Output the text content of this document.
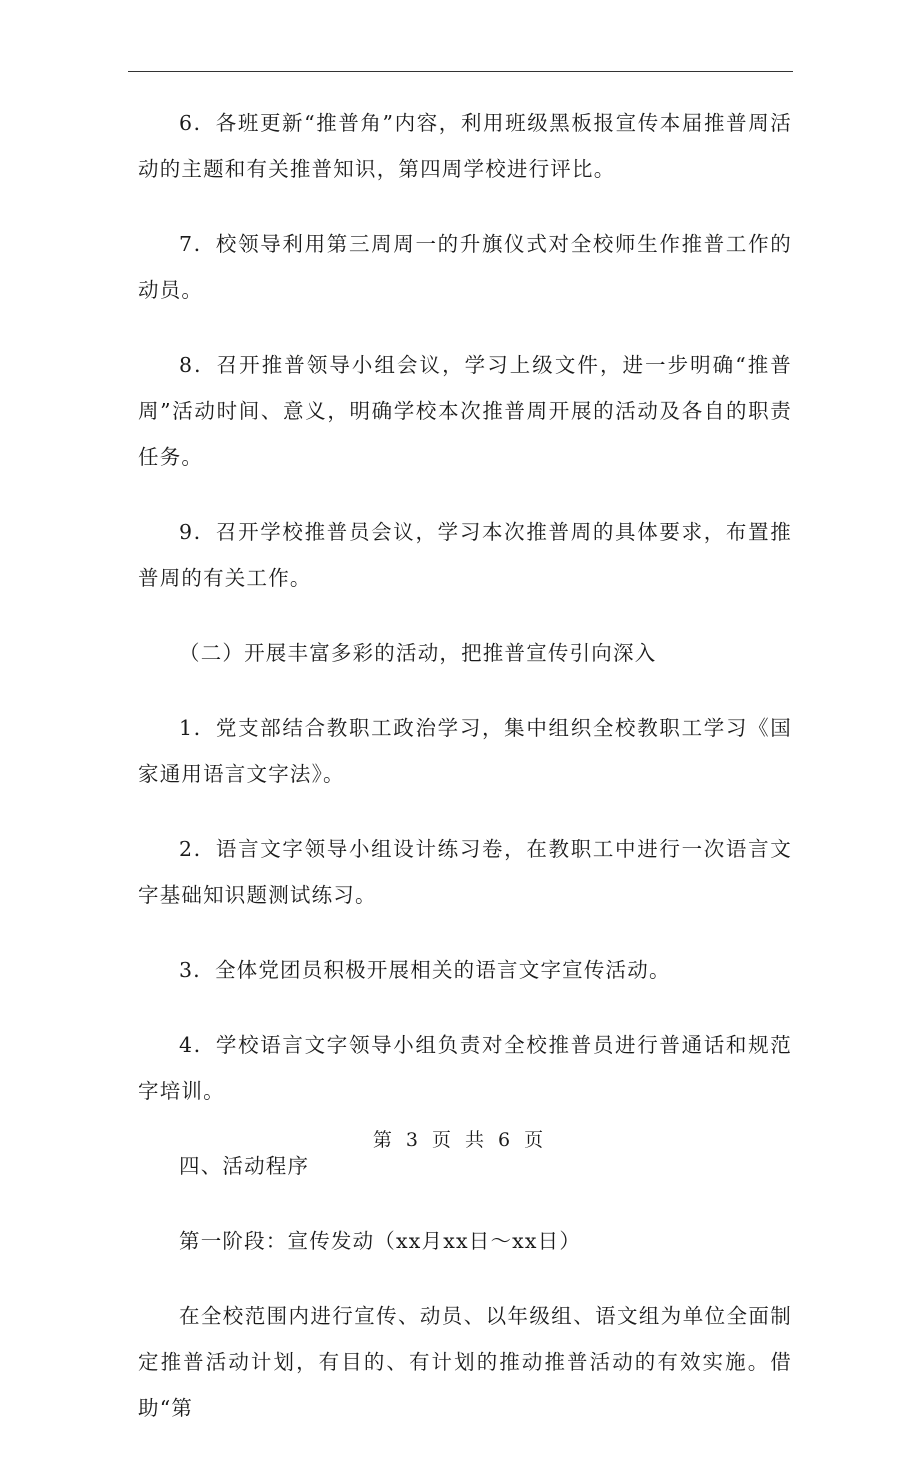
6．各班更新“推普角”内容，利用班级黑板报宣传本届推普周活动的主题和有关推普知识，第四周学校进行评比。

7．校领导利用第三周周一的升旗仪式对全校师生作推普工作的动员。

8．召开推普领导小组会议，学习上级文件，进一步明确“推普周”活动时间、意义，明确学校本次推普周开展的活动及各自的职责任务。

9．召开学校推普员会议，学习本次推普周的具体要求，布置推普周的有关工作。

（二）开展丰富多彩的活动，把推普宣传引向深入

1．党支部结合教职工政治学习，集中组织全校教职工学习《国家通用语言文字法》。

2．语言文字领导小组设计练习卷，在教职工中进行一次语言文字基础知识题测试练习。

3．全体党团员积极开展相关的语言文字宣传活动。

4．学校语言文字领导小组负责对全校推普员进行普通话和规范字培训。

四、活动程序

第一阶段：宣传发动（xx月xx日～xx日）

在全校范围内进行宣传、动员、以年级组、语文组为单位全面制定推普活动计划，有目的、有计划的推动推普活动的有效实施。借助“第

第 3 页 共 6 页
